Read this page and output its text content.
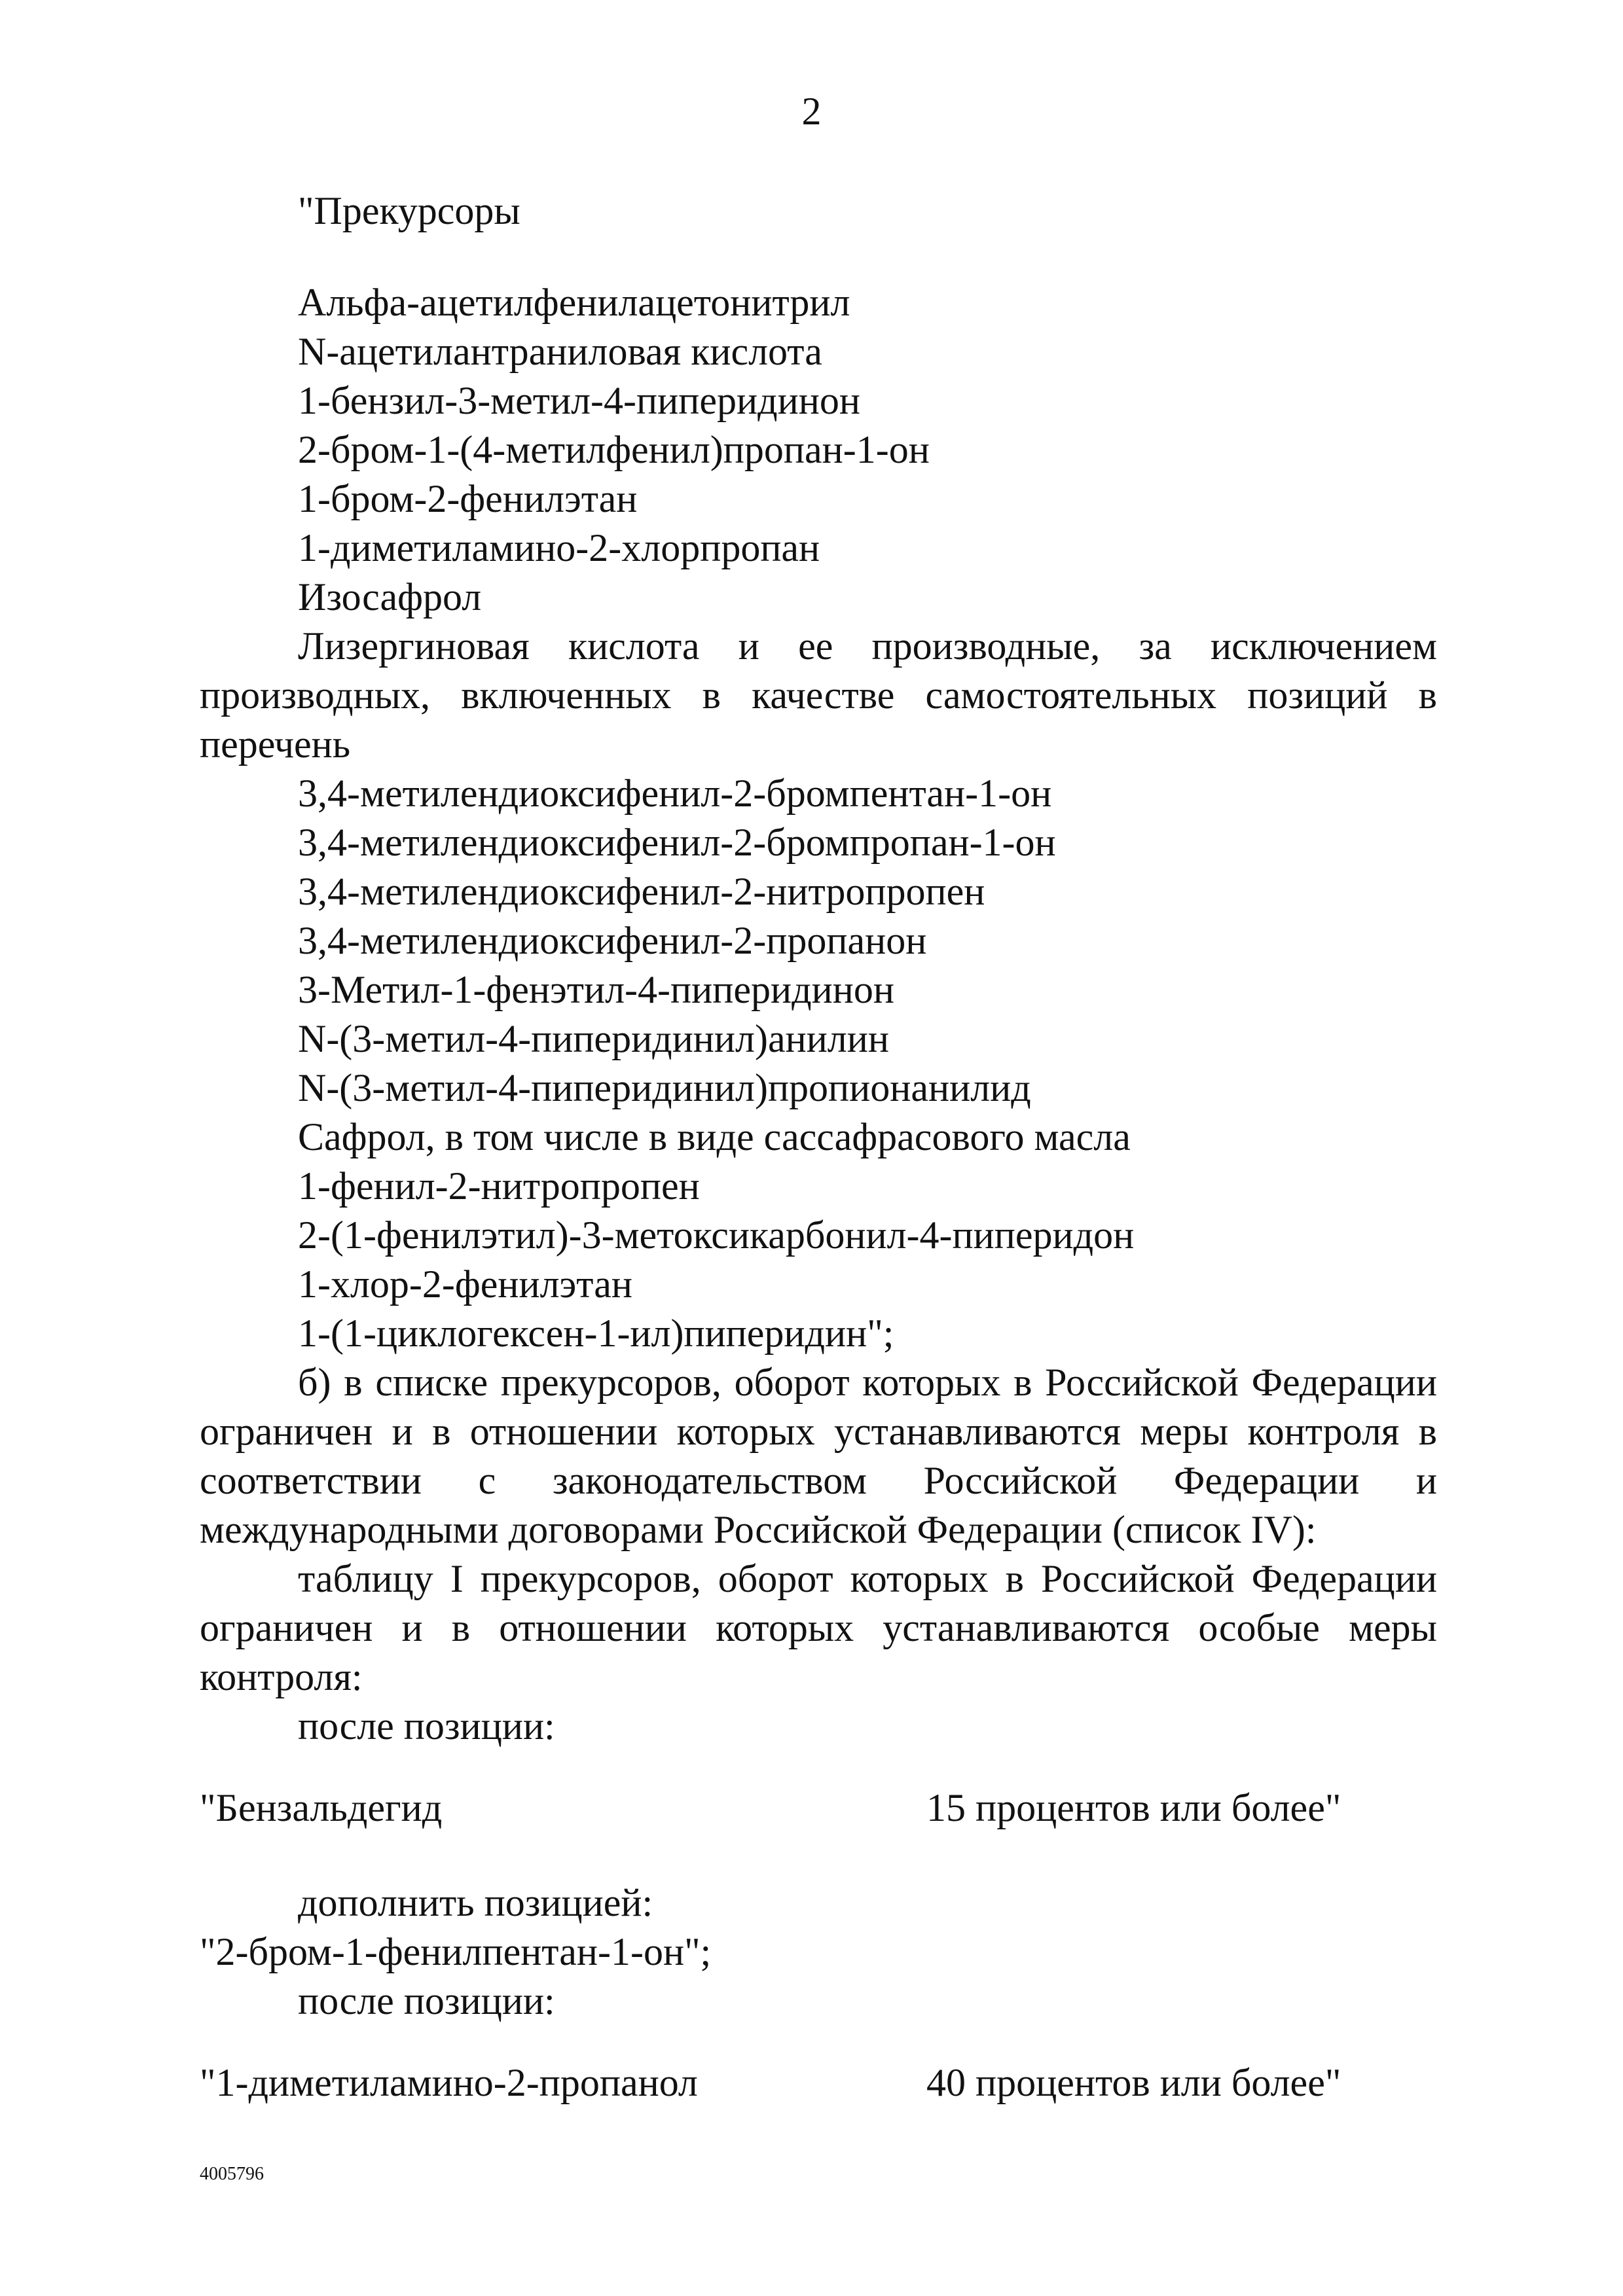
2
"Прекурсоры
Альфа-ацетилфенилацетонитрил
N-ацетилантраниловая кислота
1-бензил-3-метил-4-пиперидинон
2-бром-1-(4-метилфенил)пропан-1-он
1-бром-2-фенилэтан
1-диметиламино-2-хлорпропан
Изосафрол

Лизергиновая кислота и ее производные, за исключением производных, включенных в качестве самостоятельных позиций в перечень

3,4-метилендиоксифенил-2-бромпентан-1-он
3,4-метилендиоксифенил-2-бромпропан-1-он
3,4-метилендиоксифенил-2-нитропропен
3,4-метилендиоксифенил-2-пропанон
3-Метил-1-фенэтил-4-пиперидинон
N-(3-метил-4-пиперидинил)анилин
N-(3-метил-4-пиперидинил)пропионанилид
Сафрол, в том числе в виде сассафрасового масла
1-фенил-2-нитропропен
2-(1-фенилэтил)-3-метоксикарбонил-4-пиперидон
1-хлор-2-фенилэтан
1-(1-циклогексен-1-ил)пиперидин";

б) в списке прекурсоров, оборот которых в Российской Федерации ограничен и в отношении которых устанавливаются меры контроля в соответствии с законодательством Российской Федерации и международными договорами Российской Федерации (список IV):

таблицу I прекурсоров, оборот которых в Российской Федерации ограничен и в отношении которых устанавливаются особые меры контроля:

после позиции:
"Бензальдегид	15 процентов или более"
дополнить позицией:
"2-бром-1-фенилпентан-1-он";
после позиции:
"1-диметиламино-2-пропанол	40 процентов или более"
4005796
